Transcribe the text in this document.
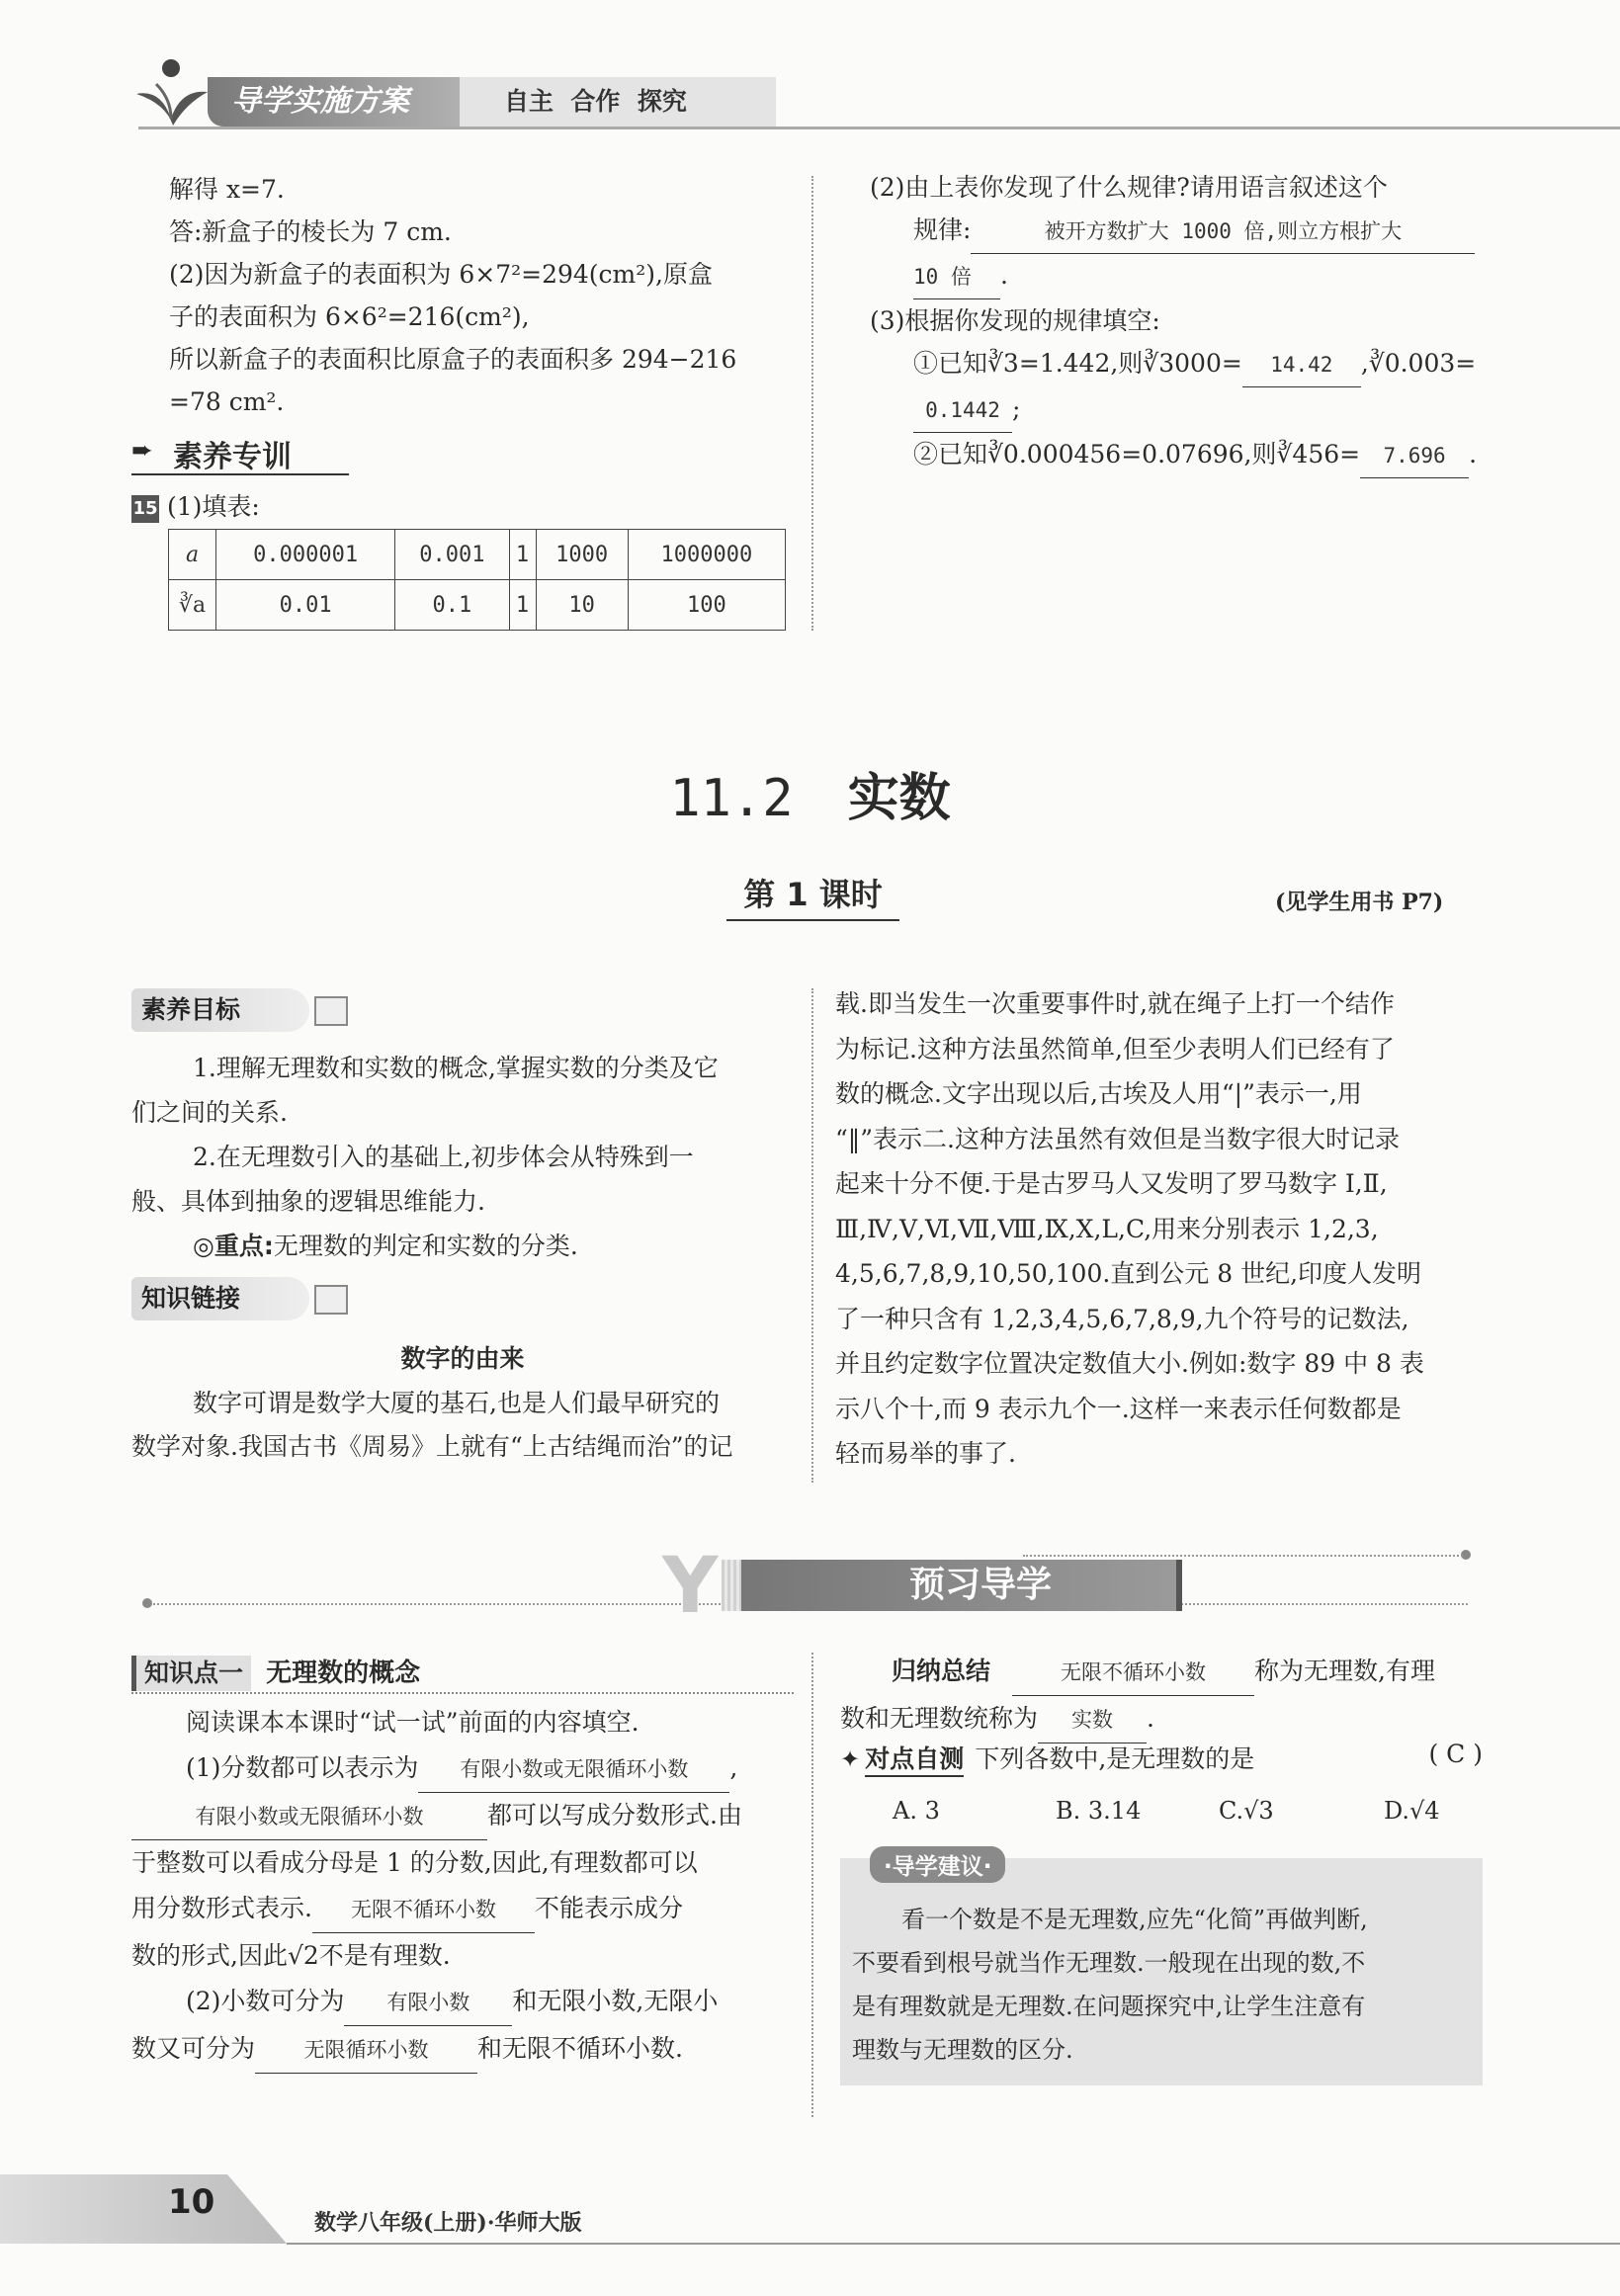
导学实施方案	自主  合作  探究
解得 x=7.
答:新盒子的棱长为 7 cm.
(2)因为新盒子的表面积为 6×7²=294(cm²),原盒
子的表面积为 6×6²=216(cm²),
所以新盒子的表面积比原盒子的表面积多 294−216
=78 cm².
➨ 素养专训
15 (1)填表:
a	0.000001	0.001	1	1000	1000000
∛a	0.01	0.1	1	10	100
(2)由上表你发现了什么规律?请用语言叙述这个
规律:	被开方数扩大 1000 倍,则立方根扩大
10 倍 .
(3)根据你发现的规律填空:
①已知∛3=1.442,则∛3000= 14.42 ,∛0.003=
0.1442 ;
②已知∛0.000456=0.07696,则∛456= 7.696 .
11.2 实数
第 1 课时	(见学生用书 P7)
素养目标
1.理解无理数和实数的概念,掌握实数的分类及它
们之间的关系.
2.在无理数引入的基础上,初步体会从特殊到一
般、具体到抽象的逻辑思维能力.
◎重点:无理数的判定和实数的分类.
知识链接
数字的由来
数字可谓是数学大厦的基石,也是人们最早研究的
数学对象.我国古书《周易》上就有“上古结绳而治”的记
载.即当发生一次重要事件时,就在绳子上打一个结作
为标记.这种方法虽然简单,但至少表明人们已经有了
数的概念.文字出现以后,古埃及人用“|”表示一,用
“‖”表示二.这种方法虽然有效但是当数字很大时记录
起来十分不便.于是古罗马人又发明了罗马数字 Ⅰ,Ⅱ,
Ⅲ,Ⅳ,Ⅴ,Ⅵ,Ⅶ,Ⅷ,Ⅸ,Ⅹ,L,C,用来分别表示 1,2,3,
4,5,6,7,8,9,10,50,100.直到公元 8 世纪,印度人发明
了一种只含有 1,2,3,4,5,6,7,8,9,九个符号的记数法,
并且约定数字位置决定数值大小.例如:数字 89 中 8 表
示八个十,而 9 表示九个一.这样一来表示任何数都是
轻而易举的事了.
Y	预习导学
知识点一 无理数的概念
阅读课本本课时“试一试”前面的内容填空.
(1)分数都可以表示为 有限小数或无限循环小数 ,
有限小数或无限循环小数	都可以写成分数形式.由
于整数可以看成分母是 1 的分数,因此,有理数都可以
用分数形式表示. 无限不循环小数 不能表示成分
数的形式,因此√2不是有理数.
(2)小数可分为 有限小数 和无限小数,无限小
数又可分为 无限循环小数 和无限不循环小数.
归纳总结	无限不循环小数 称为无理数,有理
数和无理数统称为 实数 .
✦ 对点自测 下列各数中,是无理数的是	( C )
A. 3	B. 3.14	C.√3	D.√4
·导学建议·
看一个数是不是无理数,应先“化简”再做判断,
不要看到根号就当作无理数.一般现在出现的数,不
是有理数就是无理数.在问题探究中,让学生注意有
理数与无理数的区分.
10
数学八年级(上册)·华师大版
